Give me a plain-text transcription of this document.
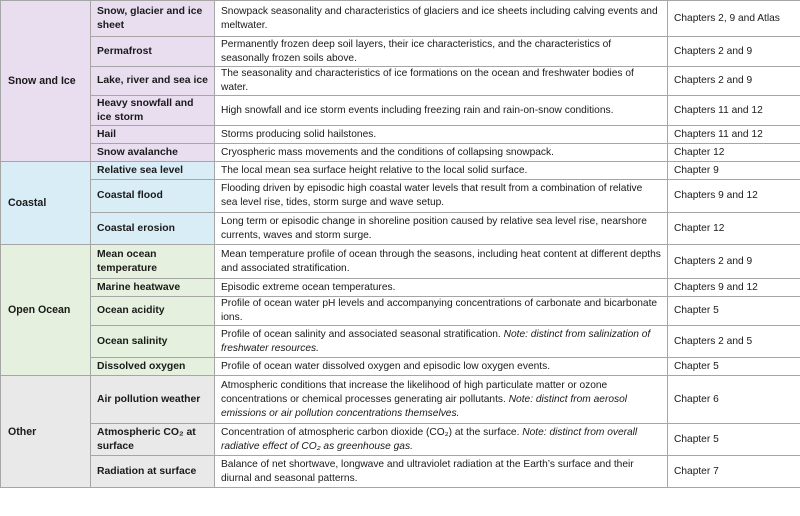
Snow and Ice	Snow, glacier and ice sheet	Snowpack seasonality and characteristics of glaciers and ice sheets including calving events and meltwater.	Chapters 2, 9 and Atlas
	Permafrost	Permanently frozen deep soil layers, their ice characteristics, and the characteristics of seasonally frozen soils above.	Chapters 2 and 9
	Lake, river and sea ice	The seasonality and characteristics of ice formations on the ocean and freshwater bodies of water.	Chapters 2 and 9
	Heavy snowfall and ice storm	High snowfall and ice storm events including freezing rain and rain-on-snow conditions.	Chapters 11 and 12
	Hail	Storms producing solid hailstones.	Chapters 11 and 12
	Snow avalanche	Cryospheric mass movements and the conditions of collapsing snowpack.	Chapter 12
Coastal	Relative sea level	The local mean sea surface height relative to the local solid surface.	Chapter 9
	Coastal flood	Flooding driven by episodic high coastal water levels that result from a combination of relative sea level rise, tides, storm surge and wave setup.	Chapters 9 and 12
	Coastal erosion	Long term or episodic change in shoreline position caused by relative sea level rise, nearshore currents, waves and storm surge.	Chapter 12
Open Ocean	Mean ocean temperature	Mean temperature profile of ocean through the seasons, including heat content at different depths and associated stratification.	Chapters 2 and 9
	Marine heatwave	Episodic extreme ocean temperatures.	Chapters 9 and 12
	Ocean acidity	Profile of ocean water pH levels and accompanying concentrations of carbonate and bicarbonate ions.	Chapter 5
	Ocean salinity	Profile of ocean salinity and associated seasonal stratification. Note: distinct from salinization of freshwater resources.	Chapters 2 and 5
	Dissolved oxygen	Profile of ocean water dissolved oxygen and episodic low oxygen events.	Chapter 5
Other	Air pollution weather	Atmospheric conditions that increase the likelihood of high particulate matter or ozone concentrations or chemical processes generating air pollutants. Note: distinct from aerosol emissions or air pollution concentrations themselves.	Chapter 6
	Atmospheric CO₂ at surface	Concentration of atmospheric carbon dioxide (CO₂) at the surface. Note: distinct from overall radiative effect of CO₂ as greenhouse gas.	Chapter 5
	Radiation at surface	Balance of net shortwave, longwave and ultraviolet radiation at the Earth’s surface and their diurnal and seasonal patterns.	Chapter 7
